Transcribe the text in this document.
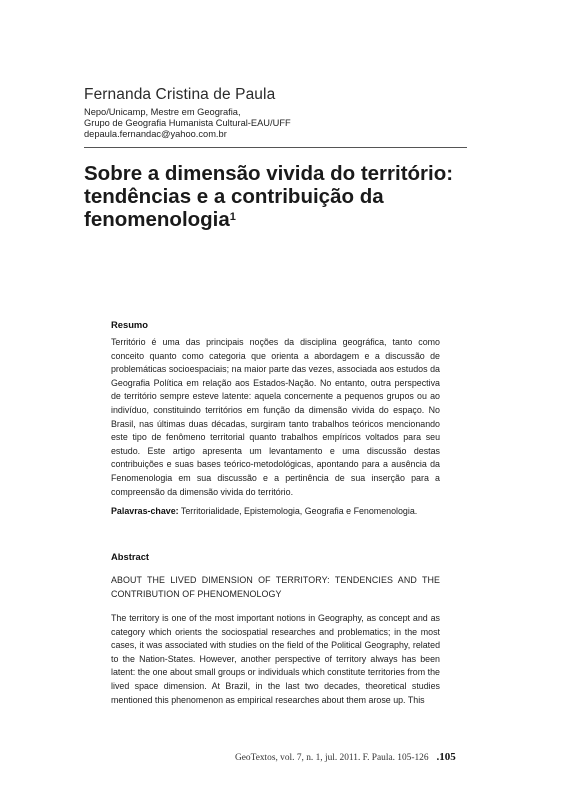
Fernanda Cristina de Paula
Nepo/Unicamp, Mestre em Geografia,
Grupo de Geografia Humanista Cultural-EAU/UFF
depaula.fernandac@yahoo.com.br
Sobre a dimensão vivida do território: tendências e a contribuição da fenomenologia$^1$
Resumo
Território é uma das principais noções da disciplina geográfica, tanto como conceito quanto como categoria que orienta a abordagem e a discussão de problemáticas socioespaciais; na maior parte das vezes, associada aos estudos da Geografia Política em relação aos Estados-Nação. No entanto, outra perspectiva de território sempre esteve latente: aquela concernente a pequenos grupos ou ao indivíduo, constituindo territórios em função da dimensão vivida do espaço. No Brasil, nas últimas duas décadas, surgiram tanto trabalhos teóricos mencionando este tipo de fenômeno territorial quanto trabalhos empíricos voltados para seu estudo. Este artigo apresenta um levantamento e uma discussão destas contribuições e suas bases teórico-metodológicas, apontando para a ausência da Fenomenologia em sua discussão e a pertinência de sua inserção para a compreensão da dimensão vivida do território.
Palavras-chave: Territorialidade, Epistemologia, Geografia e Fenomenologia.
Abstract
ABOUT THE LIVED DIMENSION OF TERRITORY: TENDENCIES AND THE CONTRIBUTION OF PHENOMENOLOGY
The territory is one of the most important notions in Geography, as concept and as category which orients the sociospatial researches and problematics; in the most cases, it was associated with studies on the field of the Political Geography, related to the Nation-States. However, another perspective of territory always has been latent: the one about small groups or individuals which constitute territories from the lived space dimension. At Brazil, in the last two decades, theoretical studies mentioned this phenomenon as empirical researches about them arose up. This
GeoTextos, vol. 7, n. 1, jul. 2011. F. Paula. 105-126 .105
